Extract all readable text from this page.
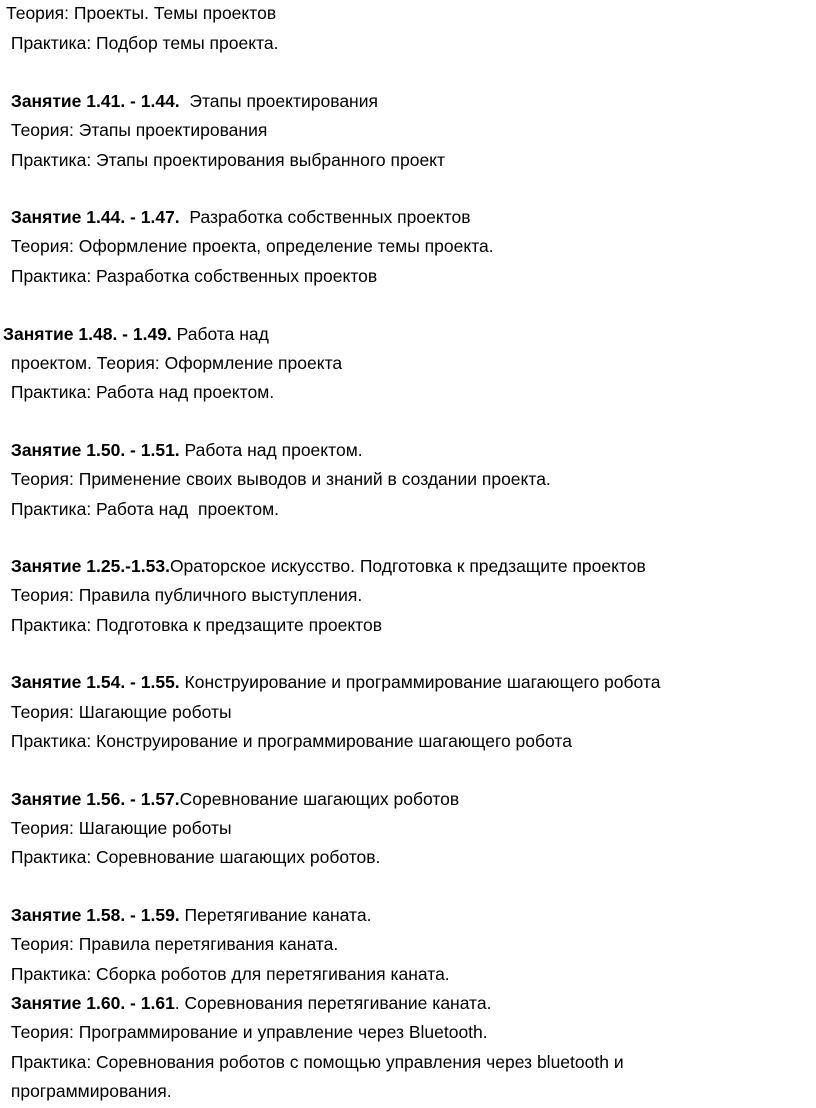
Теория: Проекты. Темы проектов
Практика: Подбор темы проекта.
Занятие 1.41. - 1.44.  Этапы проектирования
Теория: Этапы проектирования
Практика: Этапы проектирования выбранного проект
Занятие 1.44. - 1.47.  Разработка собственных проектов
Теория: Оформление проекта, определение темы проекта.
Практика: Разработка собственных проектов
Занятие 1.48. - 1.49. Работа над
проектом. Теория: Оформление проекта
Практика: Работа над проектом.
Занятие 1.50. - 1.51. Работа над проектом.
Теория: Применение своих выводов и знаний в создании проекта.
Практика: Работа над  проектом.
Занятие 1.25.-1.53.Ораторское искусство. Подготовка к предзащите проектов
Теория: Правила публичного выступления.
Практика: Подготовка к предзащите проектов
Занятие 1.54. - 1.55. Конструирование и программирование шагающего робота
Теория: Шагающие роботы
Практика: Конструирование и программирование шагающего робота
Занятие 1.56. - 1.57.Соревнование шагающих роботов
Теория: Шагающие роботы
Практика: Соревнование шагающих роботов.
Занятие 1.58. - 1.59. Перетягивание каната.
Теория: Правила перетягивания каната.
Практика: Сборка роботов для перетягивания каната.
Занятие 1.60. - 1.61. Соревнования перетягивание каната.
Теория: Программирование и управление через Bluetooth.
Практика: Соревнования роботов с помощью управления через bluetooth и
программирования.
